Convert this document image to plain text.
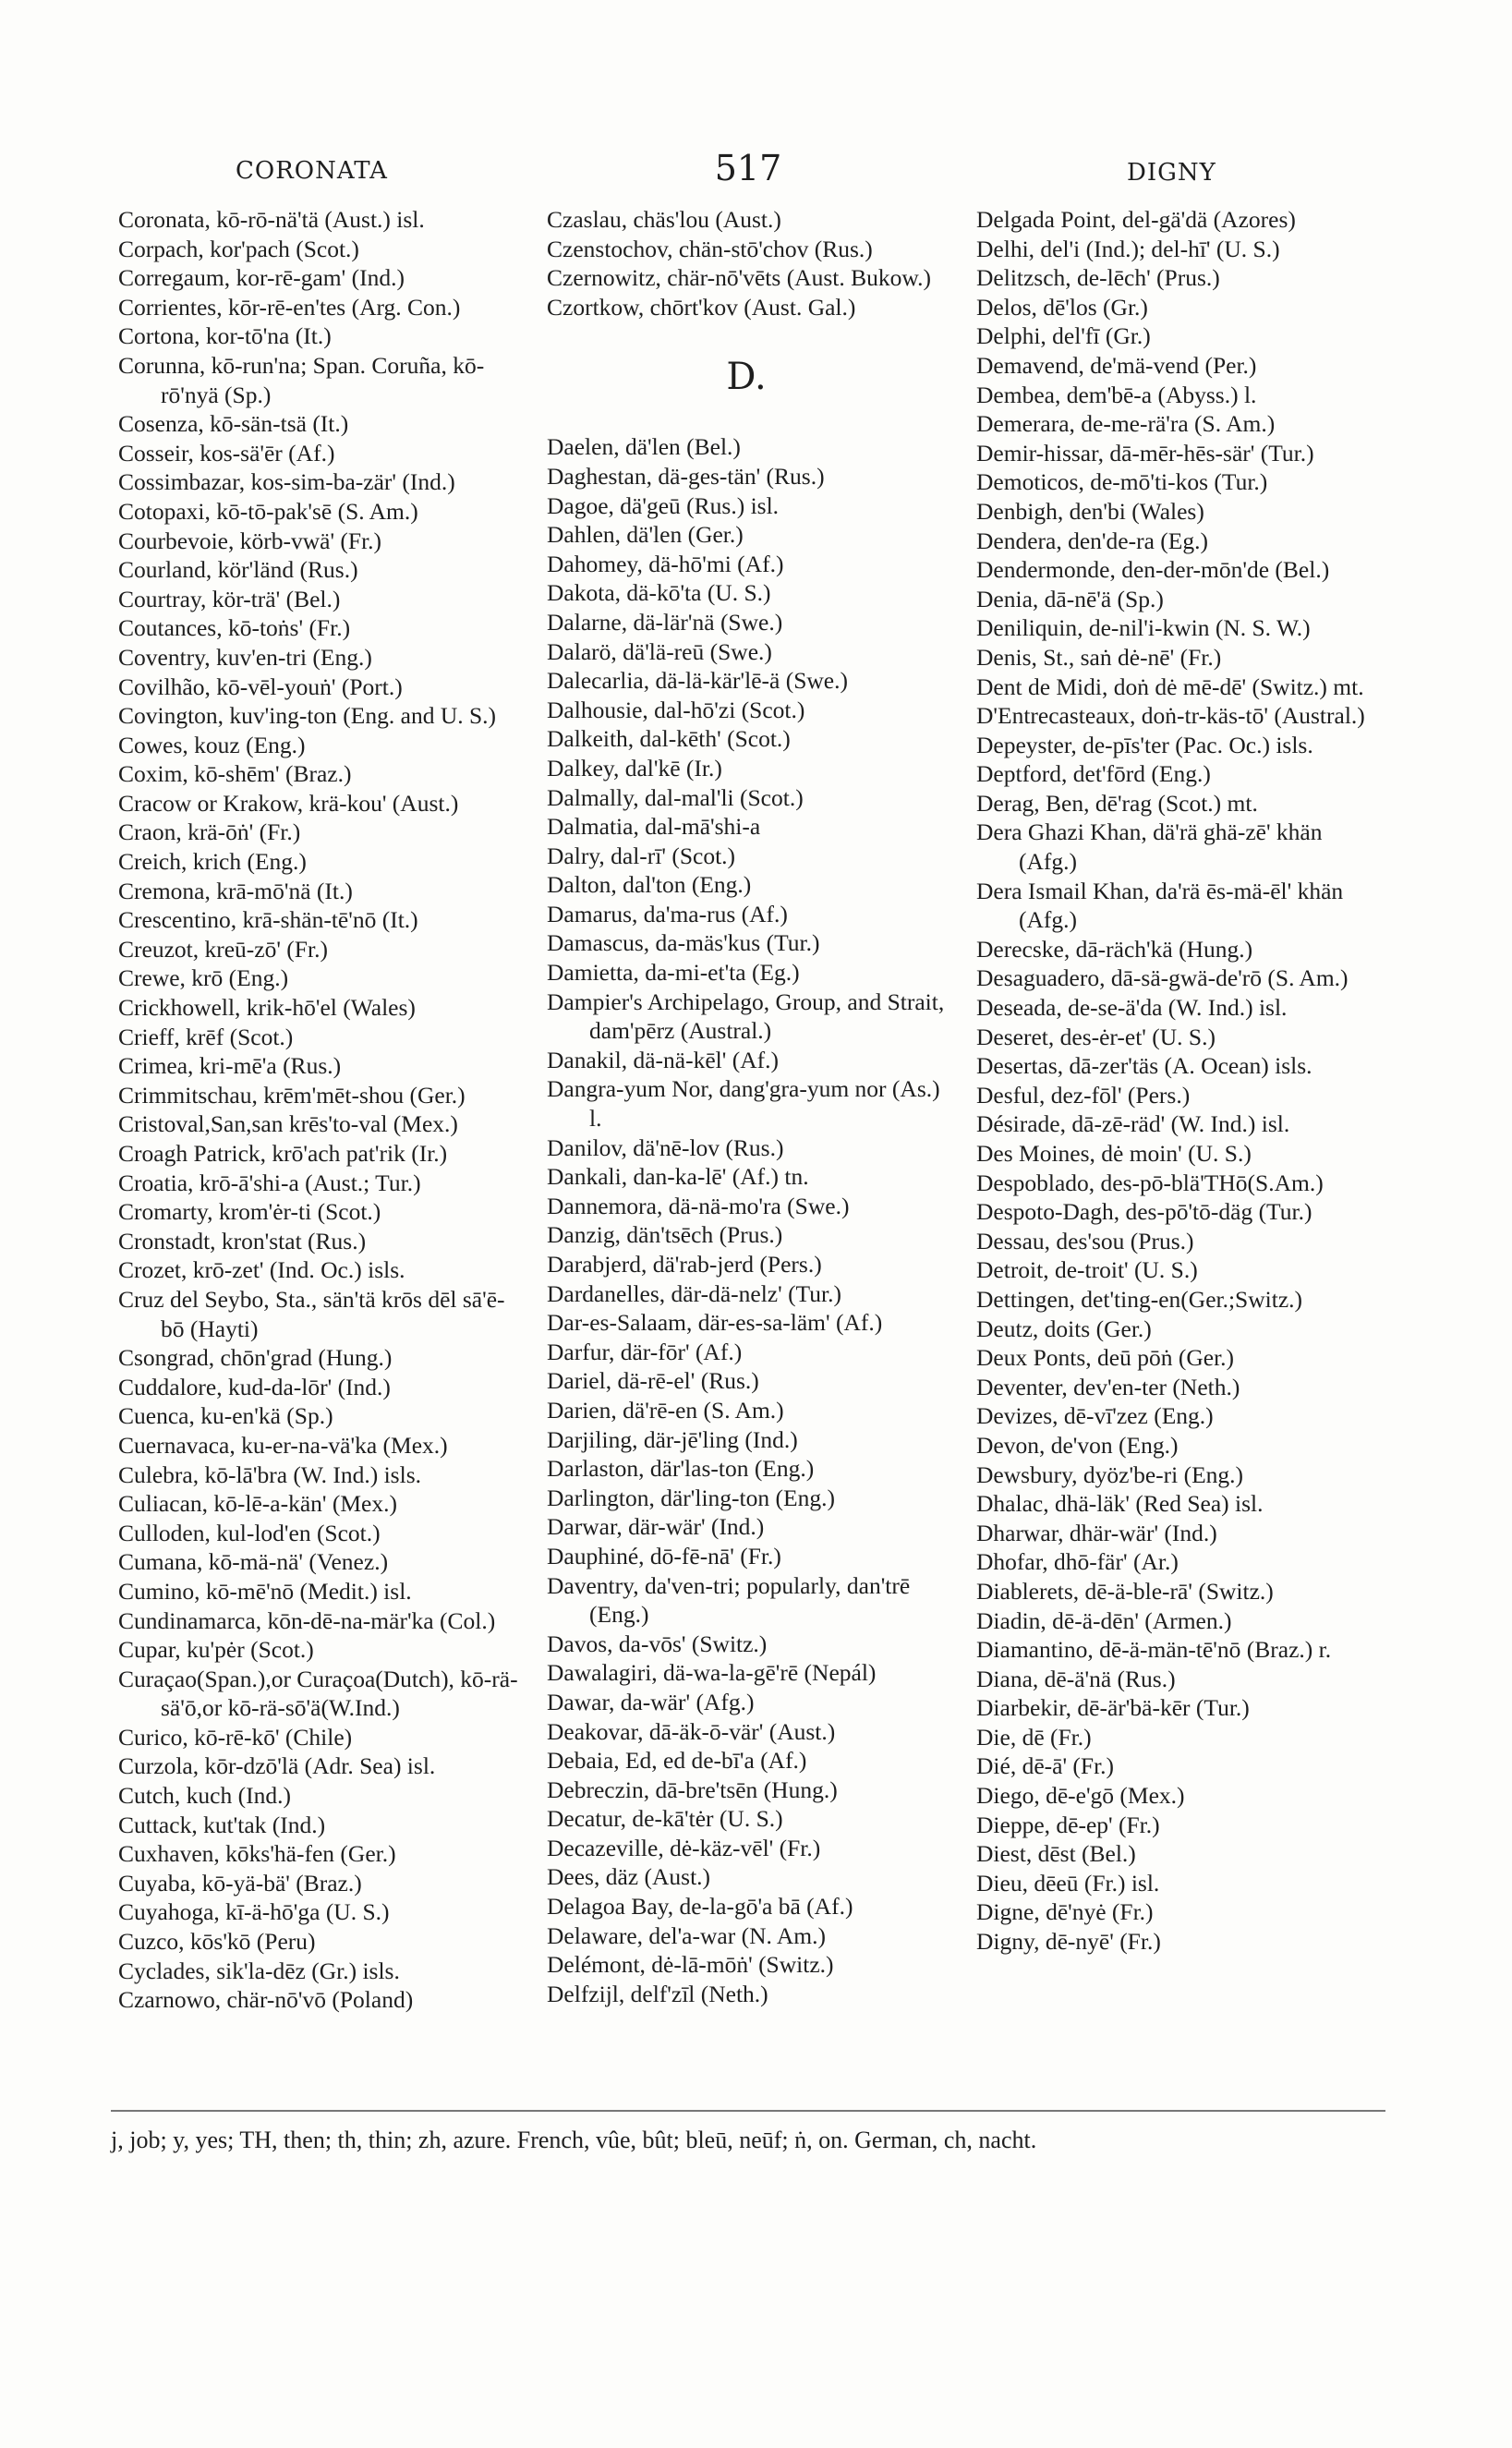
CORONATA	517	DIGNY

Coronata, kō-rō-nä'tä (Aust.) isl.

Corpach, kor'pach (Scot.)

Corregaum, kor-rē-gam' (Ind.)

Corrientes, kōr-rē-en'tes (Arg. Con.)

Cortona, kor-tō'na (It.)

Corunna, kō-run'na; Span. Coruña, kō-rō'nyä (Sp.)

Cosenza, kō-sän-tsä (It.)

Cosseir, kos-sä'ēr (Af.)

Cossimbazar, kos-sim-ba-zär' (Ind.)

Cotopaxi, kō-tō-pak'sē (S. Am.)

Courbevoie, körb-vwä' (Fr.)

Courland, kör'länd (Rus.)

Courtray, kör-trä' (Bel.)

Coutances, kō-toṅs' (Fr.)

Coventry, kuv'en-tri (Eng.)

Covilhão, kō-vēl-youṅ' (Port.)

Covington, kuv'ing-ton (Eng. and U. S.)

Cowes, kouz (Eng.)

Coxim, kō-shēm' (Braz.)

Cracow or Krakow, krä-kou' (Aust.)

Craon, krä-ōṅ' (Fr.)

Creich, krich (Eng.)

Cremona, krā-mō'nä (It.)

Crescentino, krā-shän-tē'nō (It.)

Creuzot, kreū-zō' (Fr.)

Crewe, krō (Eng.)

Crickhowell, krik-hō'el (Wales)

Crieff, krēf (Scot.)

Crimea, kri-mē'a (Rus.)

Crimmitschau, krēm'mēt-shou (Ger.)

Cristoval,San,san krēs'to-val (Mex.)

Croagh Patrick, krō'ach pat'rik (Ir.)

Croatia, krō-ā'shi-a (Aust.; Tur.)

Cromarty, krom'ėr-ti (Scot.)

Cronstadt, kron'stat (Rus.)

Crozet, krō-zet' (Ind. Oc.) isls.

Cruz del Seybo, Sta., sän'tä krōs dēl sā'ē-bō (Hayti)

Csongrad, chōn'grad (Hung.)

Cuddalore, kud-da-lōr' (Ind.)

Cuenca, ku-en'kä (Sp.)

Cuernavaca, ku-er-na-vä'ka (Mex.)

Culebra, kō-lā'bra (W. Ind.) isls.

Culiacan, kō-lē-a-kän' (Mex.)

Culloden, kul-lod'en (Scot.)

Cumana, kō-mä-nä' (Venez.)

Cumino, kō-mē'nō (Medit.) isl.

Cundinamarca, kōn-dē-na-mär'ka (Col.)

Cupar, ku'pėr (Scot.)

Curaçao(Span.),or Curaçoa(Dutch), kō-rä-sä'ō,or kō-rä-sō'ä(W.Ind.)

Curico, kō-rē-kō' (Chile)

Curzola, kōr-dzō'lä (Adr. Sea) isl.

Cutch, kuch (Ind.)

Cuttack, kut'tak (Ind.)

Cuxhaven, kōks'hä-fen (Ger.)

Cuyaba, kō-yä-bä' (Braz.)

Cuyahoga, kī-ä-hō'ga (U. S.)

Cuzco, kōs'kō (Peru)

Cyclades, sik'la-dēz (Gr.) isls.

Czarnowo, chär-nō'vō (Poland)

Czaslau, chäs'lou (Aust.)

Czenstochov, chän-stō'chov (Rus.)

Czernowitz, chär-nō'vēts (Aust. Bukow.)

Czortkow, chōrt'kov (Aust. Gal.)

D.

Daelen, dä'len (Bel.)

Daghestan, dä-ges-tän' (Rus.)

Dagoe, dä'geū (Rus.) isl.

Dahlen, dä'len (Ger.)

Dahomey, dä-hō'mi (Af.)

Dakota, dä-kō'ta (U. S.)

Dalarne, dä-lär'nä (Swe.)

Dalarö, dä'lä-reū (Swe.)

Dalecarlia, dä-lä-kär'lē-ä (Swe.)

Dalhousie, dal-hō'zi (Scot.)

Dalkeith, dal-kēth' (Scot.)

Dalkey, dal'kē (Ir.)

Dalmally, dal-mal'li (Scot.)

Dalmatia, dal-mā'shi-a

Dalry, dal-rī' (Scot.)

Dalton, dal'ton (Eng.)

Damarus, da'ma-rus (Af.)

Damascus, da-mäs'kus (Tur.)

Damietta, da-mi-et'ta (Eg.)

Dampier's Archipelago, Group, and Strait, dam'pērz (Austral.)

Danakil, dä-nä-kēl' (Af.)

Dangra-yum Nor, dang'gra-yum nor (As.) l.

Danilov, dä'nē-lov (Rus.)

Dankali, dan-ka-lē' (Af.) tn.

Dannemora, dä-nä-mo'ra (Swe.)

Danzig, dän'tsēch (Prus.)

Darabjerd, dä'rab-jerd (Pers.)

Dardanelles, där-dä-nelz' (Tur.)

Dar-es-Salaam, där-es-sa-läm' (Af.)

Darfur, där-fōr' (Af.)

Dariel, dä-rē-el' (Rus.)

Darien, dä'rē-en (S. Am.)

Darjiling, där-jē'ling (Ind.)

Darlaston, där'las-ton (Eng.)

Darlington, där'ling-ton (Eng.)

Darwar, där-wär' (Ind.)

Dauphiné, dō-fē-nā' (Fr.)

Daventry, da'ven-tri; popularly, dan'trē (Eng.)

Davos, da-vōs' (Switz.)

Dawalagiri, dä-wa-la-gē'rē (Nepál)

Dawar, da-wär' (Afg.)

Deakovar, dā-äk-ō-vär' (Aust.)

Debaia, Ed, ed de-bī'a (Af.)

Debreczin, dā-bre'tsēn (Hung.)

Decatur, de-kā'tėr (U. S.)

Decazeville, dė-käz-vēl' (Fr.)

Dees, däz (Aust.)

Delagoa Bay, de-la-gō'a bā (Af.)

Delaware, del'a-war (N. Am.)

Delémont, dė-lā-mōṅ' (Switz.)

Delfzijl, delf'zīl (Neth.)

Delgada Point, del-gä'dä (Azores)

Delhi, del'i (Ind.); del-hī' (U. S.)

Delitzsch, de-lēch' (Prus.)

Delos, dē'los (Gr.)

Delphi, del'fī (Gr.)

Demavend, de'mä-vend (Per.)

Dembea, dem'bē-a (Abyss.) l.

Demerara, de-me-rä'ra (S. Am.)

Demir-hissar, dā-mēr-hēs-sär' (Tur.)

Demoticos, de-mō'ti-kos (Tur.)

Denbigh, den'bi (Wales)

Dendera, den'de-ra (Eg.)

Dendermonde, den-der-mōn'de (Bel.)

Denia, dā-nē'ä (Sp.)

Deniliquin, de-nil'i-kwin (N. S. W.)

Denis, St., saṅ dė-nē' (Fr.)

Dent de Midi, doṅ dė mē-dē' (Switz.) mt.

D'Entrecasteaux, doṅ-tr-käs-tō' (Austral.)

Depeyster, de-pīs'ter (Pac. Oc.) isls.

Deptford, det'fōrd (Eng.)

Derag, Ben, dē'rag (Scot.) mt.

Dera Ghazi Khan, dä'rä ghä-zē' khän (Afg.)

Dera Ismail Khan, da'rä ēs-mä-ēl' khän (Afg.)

Derecske, dā-räch'kä (Hung.)

Desaguadero, dā-sä-gwä-de'rō (S. Am.)

Deseada, de-se-ä'da (W. Ind.) isl.

Deseret, des-ėr-et' (U. S.)

Desertas, dā-zer'täs (A. Ocean) isls.

Desful, dez-fōl' (Pers.)

Désirade, dā-zē-räd' (W. Ind.) isl.

Des Moines, dė moin' (U. S.)

Despoblado, des-pō-blä'THō(S.Am.)

Despoto-Dagh, des-pō'tō-däg (Tur.)

Dessau, des'sou (Prus.)

Detroit, de-troit' (U. S.)

Dettingen, det'ting-en(Ger.;Switz.)

Deutz, doits (Ger.)

Deux Ponts, deū pōṅ (Ger.)

Deventer, dev'en-ter (Neth.)

Devizes, dē-vī'zez (Eng.)

Devon, de'von (Eng.)

Dewsbury, dyöz'be-ri (Eng.)

Dhalac, dhä-läk' (Red Sea) isl.

Dharwar, dhär-wär' (Ind.)

Dhofar, dhō-fär' (Ar.)

Diablerets, dē-ä-ble-rā' (Switz.)

Diadin, dē-ä-dēn' (Armen.)

Diamantino, dē-ä-män-tē'nō (Braz.) r.

Diana, dē-ä'nä (Rus.)

Diarbekir, dē-är'bä-kēr (Tur.)

Die, dē (Fr.)

Dié, dē-ā' (Fr.)

Diego, dē-e'gō (Mex.)

Dieppe, dē-ep' (Fr.)

Diest, dēst (Bel.)

Dieu, dēeū (Fr.) isl.

Digne, dē'nyė (Fr.)

Digny, dē-nyē' (Fr.)

j, job; y, yes; TH, then; th, thin; zh, azure. French, vûe, bût; bleū, neūf; ṅ, on. German, ch, nacht.
